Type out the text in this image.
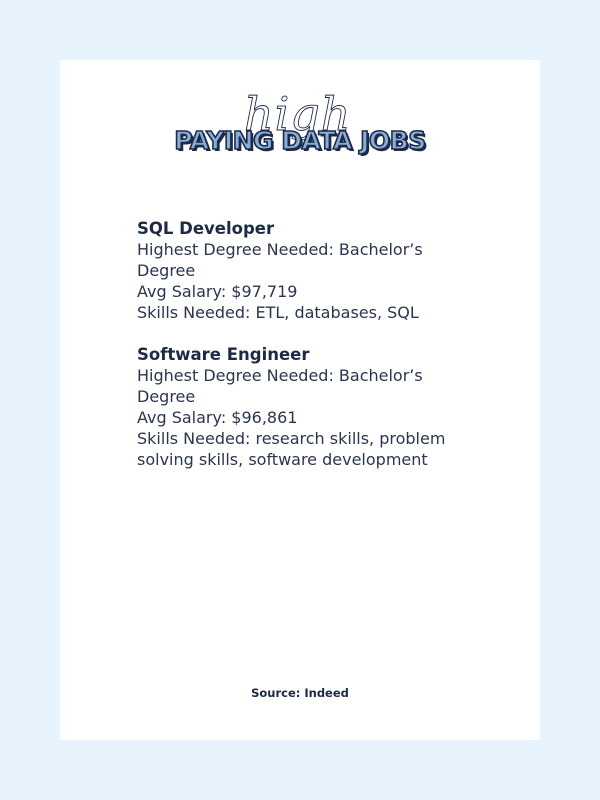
high
PAYING DATA JOBS
SQL Developer
Highest Degree Needed: Bachelor’s
Degree
Avg Salary: $97,719
Skills Needed: ETL, databases, SQL
Software Engineer
Highest Degree Needed: Bachelor’s
Degree
Avg Salary: $96,861
Skills Needed: research skills, problem
solving skills, software development
Source: Indeed
